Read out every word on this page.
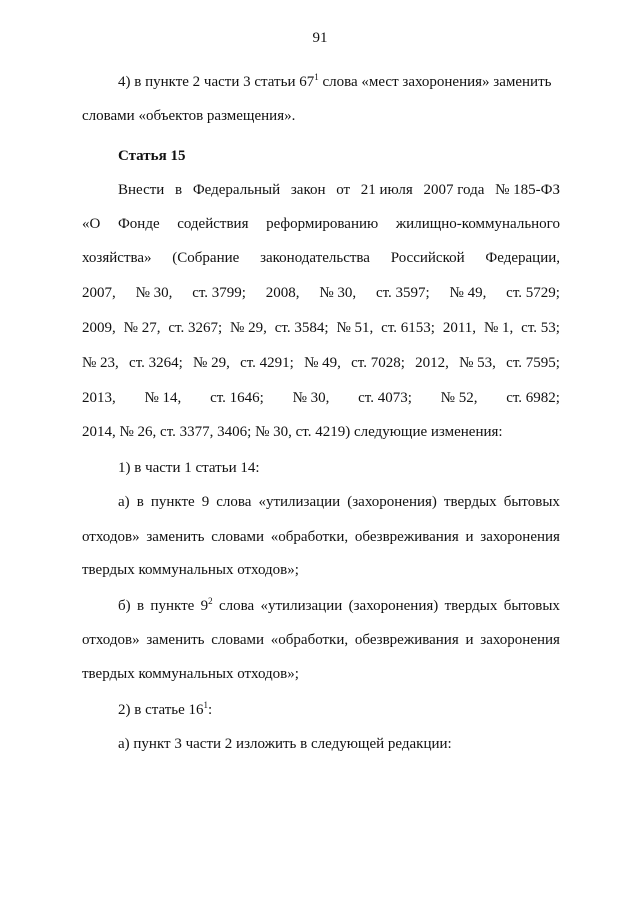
91
4) в пункте 2 части 3 статьи $67^1$ слова «мест захоронения» заменить
словами «объектов размещения».
Статья 15
Внести в Федеральный закон от 21 июля 2007 года № 185-ФЗ
«О Фонде содействия реформированию жилищно-коммунального
хозяйства» (Собрание законодательства Российской Федерации,
2007, № 30, ст. 3799; 2008, № 30, ст. 3597; № 49, ст. 5729;
2009, № 27, ст. 3267; № 29, ст. 3584; № 51, ст. 6153; 2011, № 1, ст. 53;
№ 23, ст. 3264; № 29, ст. 4291; № 49, ст. 7028; 2012, № 53, ст. 7595;
2013, № 14, ст. 1646; № 30, ст. 4073; № 52, ст. 6982;
2014, № 26, ст. 3377, 3406; № 30, ст. 4219) следующие изменения:
1) в части 1 статьи 14:
а) в пункте 9 слова «утилизации (захоронения) твердых бытовых
отходов» заменить словами «обработки, обезвреживания и захоронения
твердых коммунальных отходов»;
б) в пункте $9^2$ слова «утилизации (захоронения) твердых бытовых
отходов» заменить словами «обработки, обезвреживания и захоронения
твердых коммунальных отходов»;
2) в статье $16^1$:
а) пункт 3 части 2 изложить в следующей редакции:
